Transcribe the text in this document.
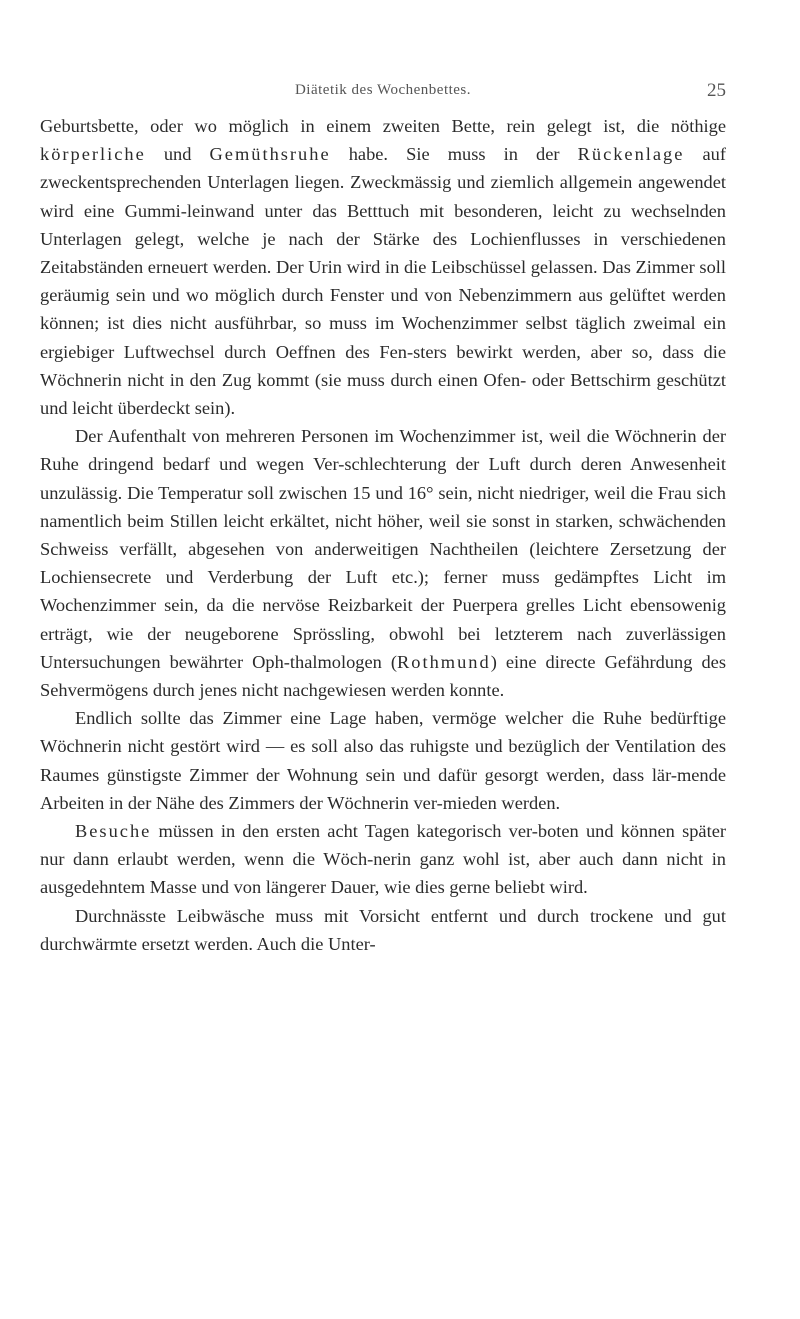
Diätetik des Wochenbettes.	25

Geburtsbette, oder wo möglich in einem zweiten Bette, rein gelegt ist, die nöthige körperliche und Gemüthsruhe habe. Sie muss in der Rückenlage auf zweckentsprechenden Unterlagen liegen. Zweckmässig und ziemlich allgemein angewendet wird eine Gummi-leinwand unter das Betttuch mit besonderen, leicht zu wechselnden Unterlagen gelegt, welche je nach der Stärke des Lochienflusses in verschiedenen Zeitabständen erneuert werden. Der Urin wird in die Leibschüssel gelassen. Das Zimmer soll geräumig sein und wo möglich durch Fenster und von Nebenzimmern aus gelüftet werden können; ist dies nicht ausführbar, so muss im Wochenzimmer selbst täglich zweimal ein ergiebiger Luftwechsel durch Oeffnen des Fen-sters bewirkt werden, aber so, dass die Wöchnerin nicht in den Zug kommt (sie muss durch einen Ofen- oder Bettschirm geschützt und leicht überdeckt sein).

Der Aufenthalt von mehreren Personen im Wochenzimmer ist, weil die Wöchnerin der Ruhe dringend bedarf und wegen Ver-schlechterung der Luft durch deren Anwesenheit unzulässig. Die Temperatur soll zwischen 15 und 16° sein, nicht niedriger, weil die Frau sich namentlich beim Stillen leicht erkältet, nicht höher, weil sie sonst in starken, schwächenden Schweiss verfällt, abgesehen von anderweitigen Nachtheilen (leichtere Zersetzung der Lochiensecrete und Verderbung der Luft etc.); ferner muss gedämpftes Licht im Wochenzimmer sein, da die nervöse Reizbarkeit der Puerpera grelles Licht ebensowenig erträgt, wie der neugeborene Sprössling, obwohl bei letzterem nach zuverlässigen Untersuchungen bewährter Oph-thalmologen (Rothmund) eine directe Gefährdung des Sehvermögens durch jenes nicht nachgewiesen werden konnte.

Endlich sollte das Zimmer eine Lage haben, vermöge welcher die Ruhe bedürftige Wöchnerin nicht gestört wird — es soll also das ruhigste und bezüglich der Ventilation des Raumes günstigste Zimmer der Wohnung sein und dafür gesorgt werden, dass lär-mende Arbeiten in der Nähe des Zimmers der Wöchnerin ver-mieden werden.

Besuche müssen in den ersten acht Tagen kategorisch ver-boten und können später nur dann erlaubt werden, wenn die Wöch-nerin ganz wohl ist, aber auch dann nicht in ausgedehntem Masse und von längerer Dauer, wie dies gerne beliebt wird.

Durchnässte Leibwäsche muss mit Vorsicht entfernt und durch trockene und gut durchwärmte ersetzt werden. Auch die Unter-
